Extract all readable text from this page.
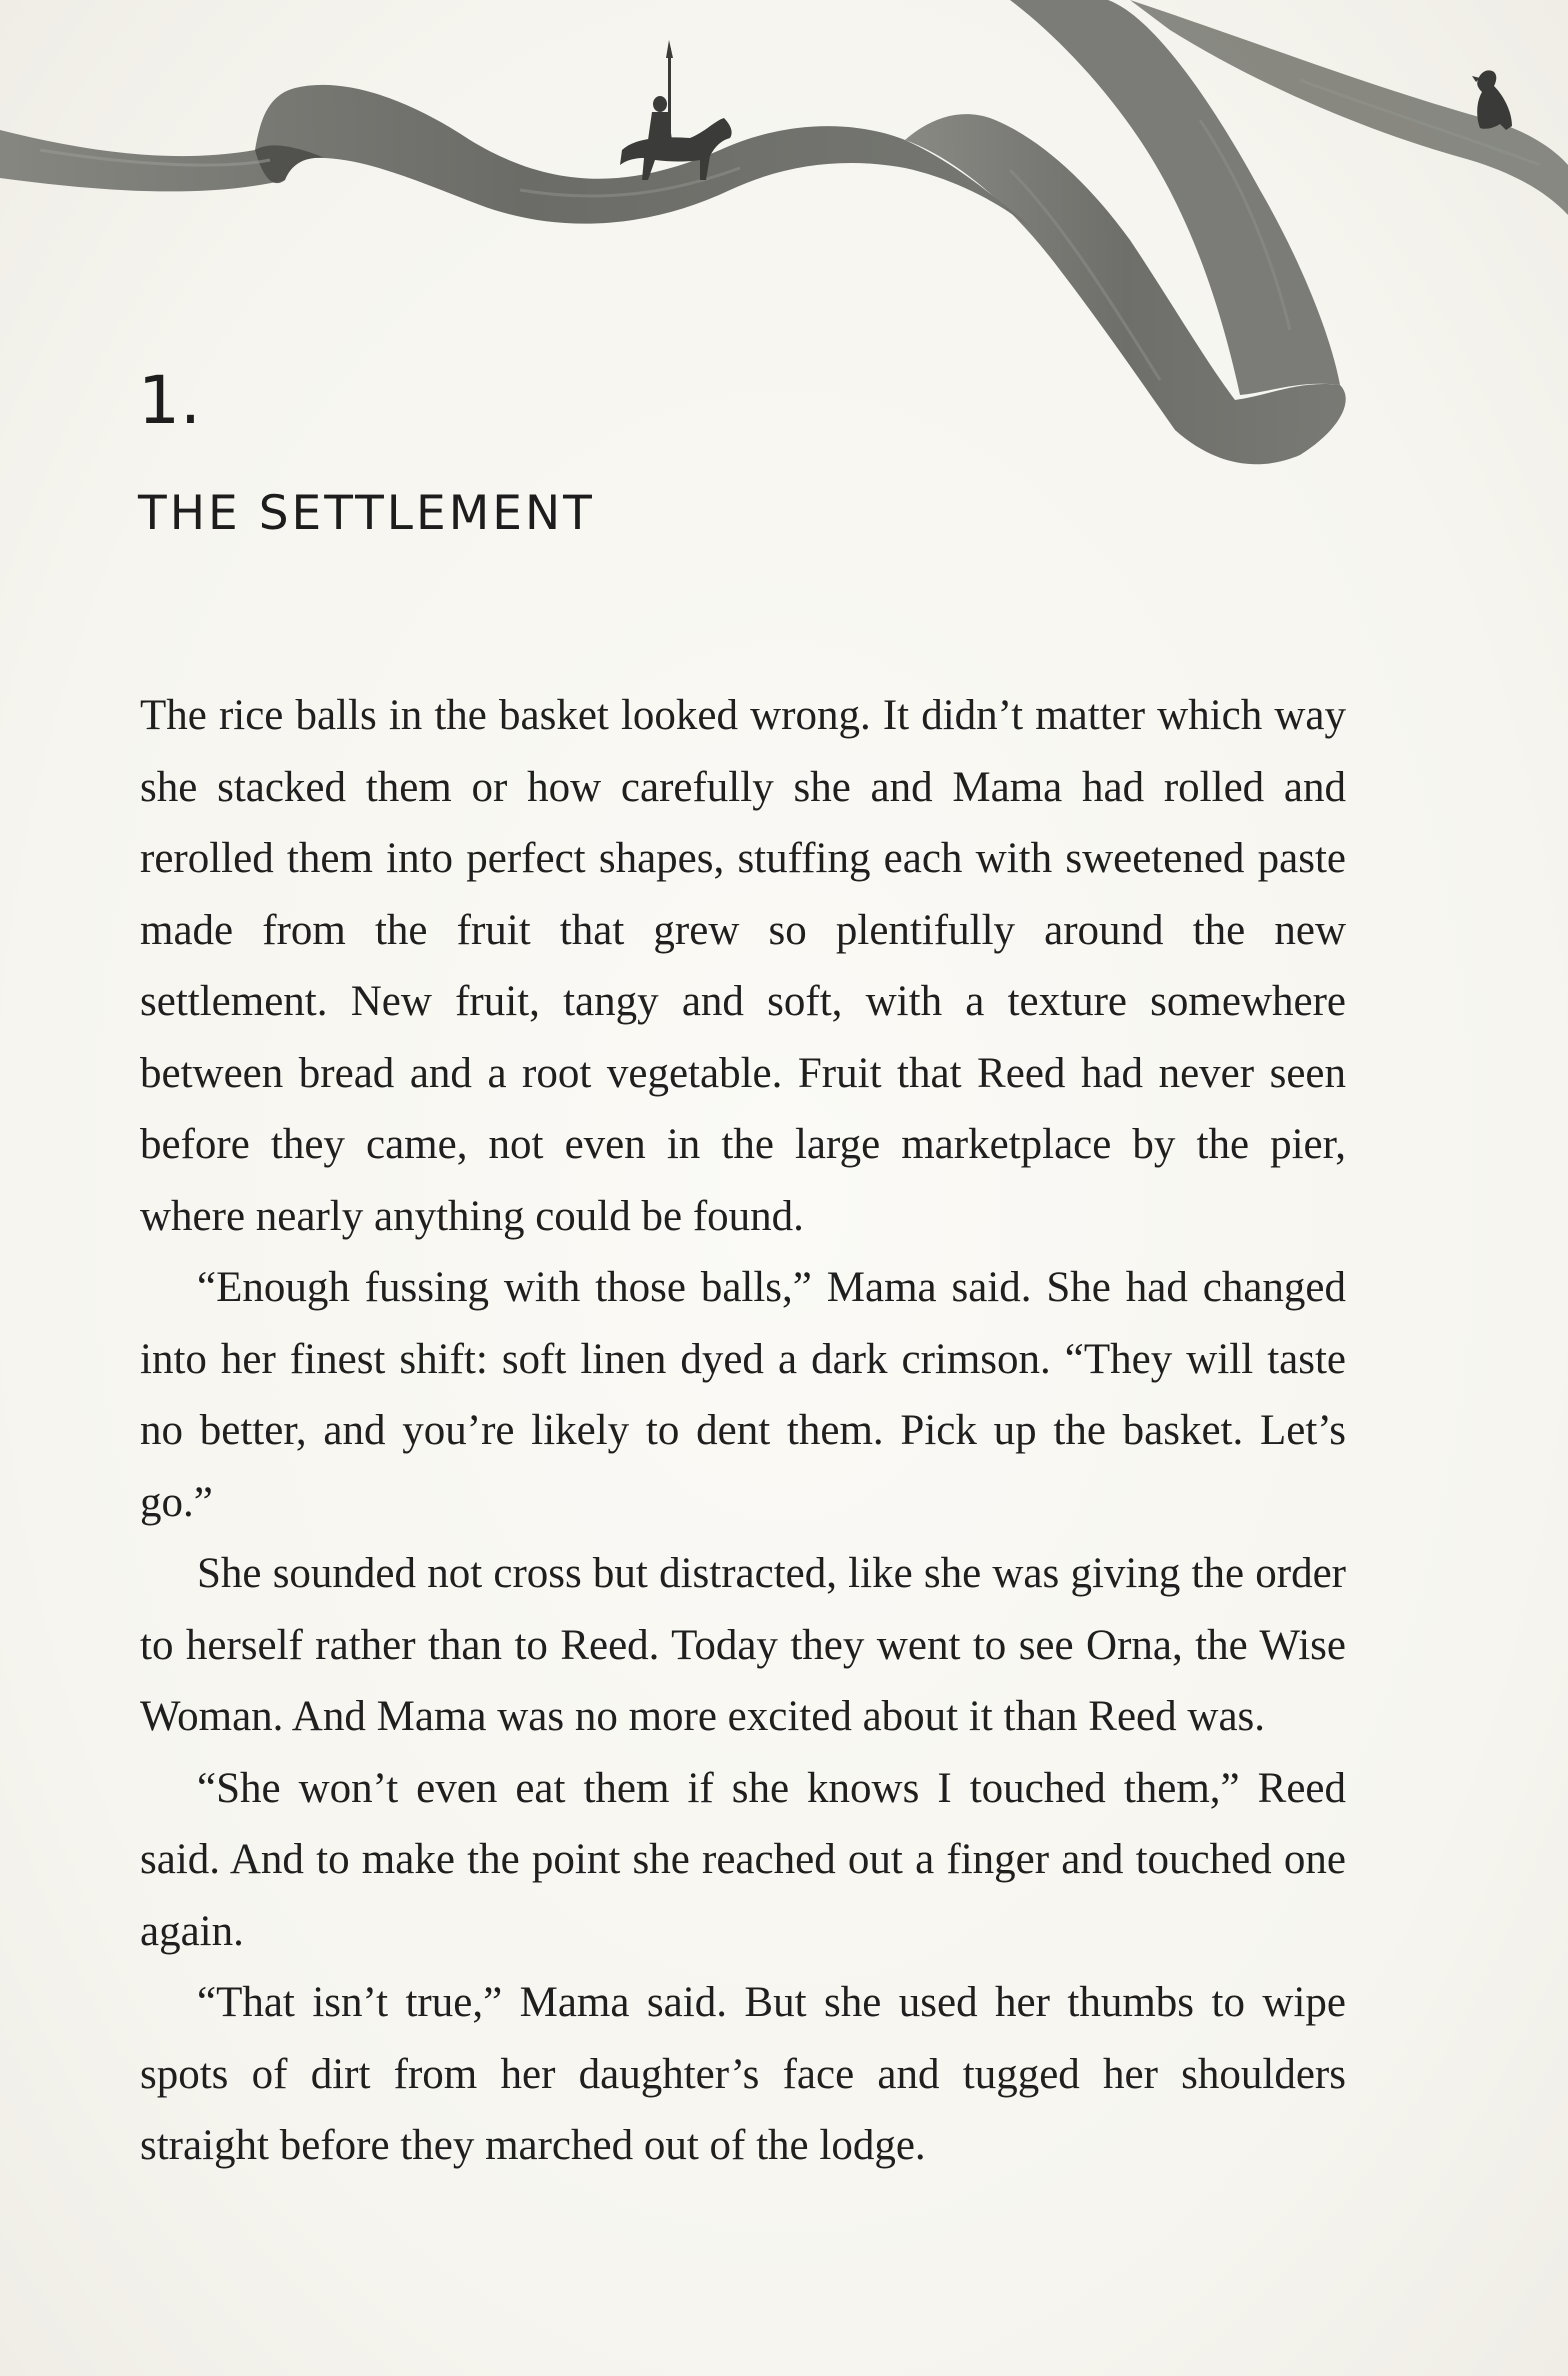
1.
THE SETTLEMENT

The rice balls in the basket looked wrong. It didn’t matter which way she stacked them or how carefully she and Mama had rolled and rerolled them into perfect shapes, stuffing each with sweetened paste made from the fruit that grew so plentifully around the new settlement. New fruit, tangy and soft, with a texture somewhere between bread and a root vegetable. Fruit that Reed had never seen before they came, not even in the large marketplace by the pier, where nearly anything could be found.

“Enough fussing with those balls,” Mama said. She had changed into her finest shift: soft linen dyed a dark crimson. “They will taste no better, and you’re likely to dent them. Pick up the basket. Let’s go.”

She sounded not cross but distracted, like she was giving the order to herself rather than to Reed. Today they went to see Orna, the Wise Woman. And Mama was no more excited about it than Reed was.

“She won’t even eat them if she knows I touched them,” Reed said. And to make the point she reached out a finger and touched one again.

“That isn’t true,” Mama said. But she used her thumbs to wipe spots of dirt from her daughter’s face and tugged her shoulders straight before they marched out of the lodge.
